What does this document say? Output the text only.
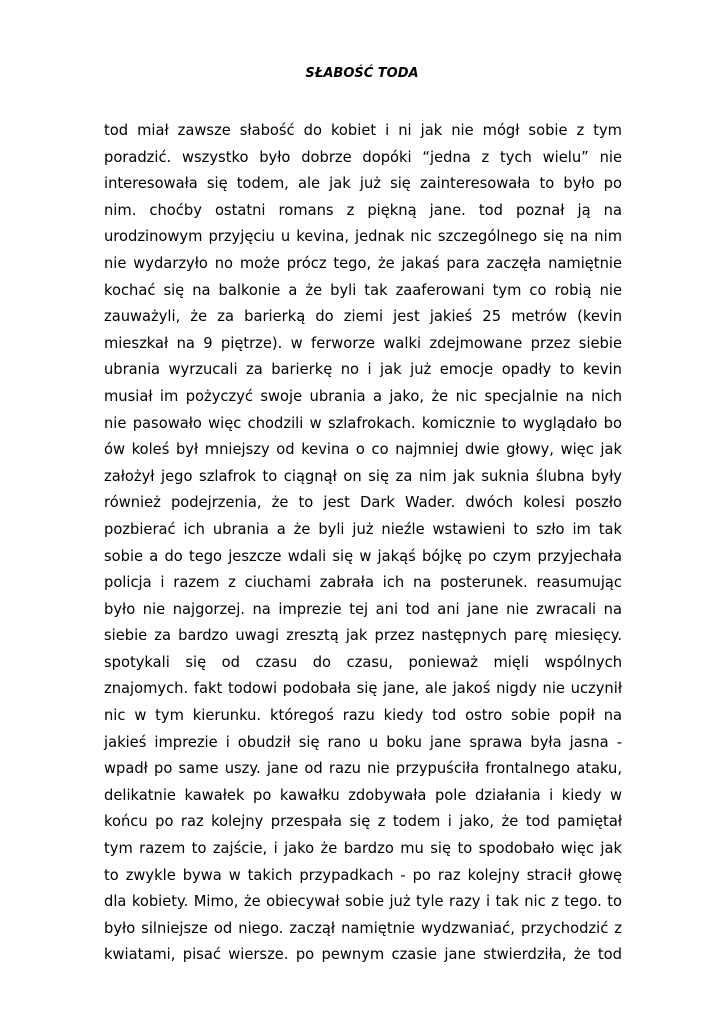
SŁABOŚĆ TODA
tod miał zawsze słabość do kobiet i ni jak nie mógł sobie z tym
poradzić. wszystko było dobrze dopóki “jedna z tych wielu” nie
interesowała się todem, ale jak już się zainteresowała to było po
nim. choćby ostatni romans z piękną jane. tod poznał ją na
urodzinowym przyjęciu u kevina, jednak nic szczególnego się na nim
nie wydarzyło no może prócz tego, że jakaś para zaczęła namiętnie
kochać się na balkonie a że byli tak zaaferowani tym co robią nie
zauważyli, że za barierką do ziemi jest jakieś 25 metrów (kevin
mieszkał na 9 piętrze). w ferworze walki zdejmowane przez siebie
ubrania wyrzucali za barierkę no i jak już emocje opadły to kevin
musiał im pożyczyć swoje ubrania a jako, że nic specjalnie na nich
nie pasowało więc chodzili w szlafrokach. komicznie to wyglądało bo
ów koleś był mniejszy od kevina o co najmniej dwie głowy, więc jak
założył jego szlafrok to ciągnął on się za nim jak suknia ślubna były
również podejrzenia, że to jest Dark Wader. dwóch kolesi poszło
pozbierać ich ubrania a że byli już nieźle wstawieni to szło im tak
sobie a do tego jeszcze wdali się w jakąś bójkę po czym przyjechała
policja i razem z ciuchami zabrała ich na posterunek. reasumując
było nie najgorzej. na imprezie tej ani tod ani jane nie zwracali na
siebie za bardzo uwagi zresztą jak przez następnych parę miesięcy.
spotykali się od czasu do czasu, ponieważ mięli wspólnych
znajomych. fakt todowi podobała się jane, ale jakoś nigdy nie uczynił
nic w tym kierunku. któregoś razu kiedy tod ostro sobie popił na
jakieś imprezie i obudził się rano u boku jane sprawa była jasna -
wpadł po same uszy. jane od razu nie przypuściła frontalnego ataku,
delikatnie kawałek po kawałku zdobywała pole działania i kiedy w
końcu po raz kolejny przespała się z todem i jako, że tod pamiętał
tym razem to zajście, i jako że bardzo mu się to spodobało więc jak
to zwykle bywa w takich przypadkach - po raz kolejny stracił głowę
dla kobiety. Mimo, że obiecywał sobie już tyle razy i tak nic z tego. to
było silniejsze od niego. zaczął namiętnie wydzwaniać, przychodzić z
kwiatami, pisać wiersze. po pewnym czasie jane stwierdziła, że tod
